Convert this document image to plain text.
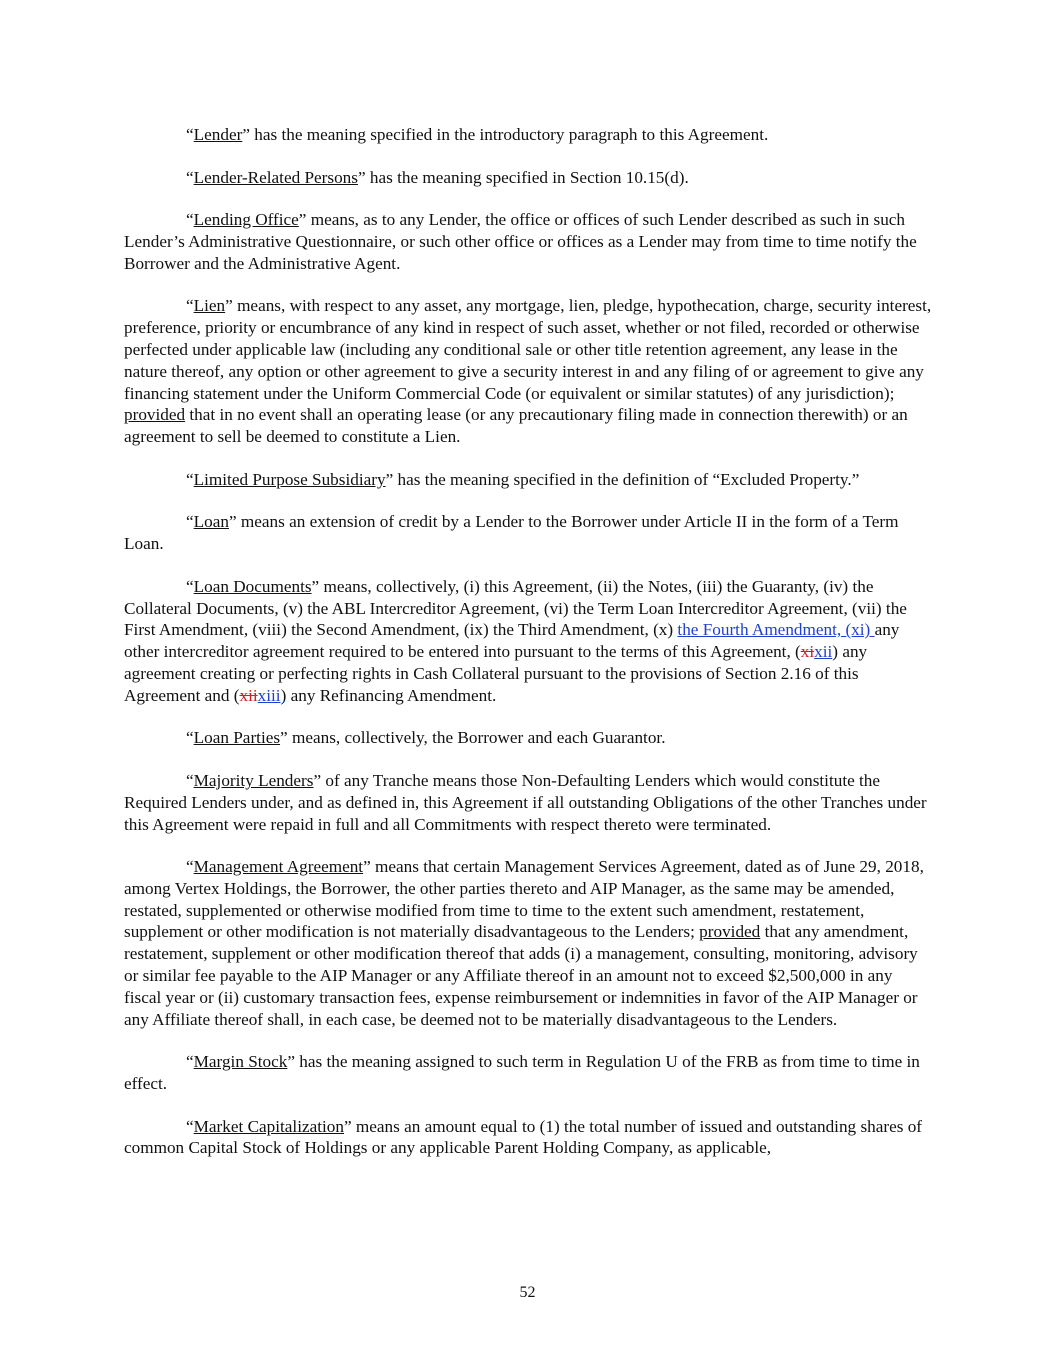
“Lender” has the meaning specified in the introductory paragraph to this Agreement.

“Lender-Related Persons” has the meaning specified in Section 10.15(d).

“Lending Office” means, as to any Lender, the office or offices of such Lender described as such in such Lender’s Administrative Questionnaire, or such other office or offices as a Lender may from time to time notify the Borrower and the Administrative Agent.

“Lien” means, with respect to any asset, any mortgage, lien, pledge, hypothecation, charge, security interest, preference, priority or encumbrance of any kind in respect of such asset, whether or not filed, recorded or otherwise perfected under applicable law (including any conditional sale or other title retention agreement, any lease in the nature thereof, any option or other agreement to give a security interest in and any filing of or agreement to give any financing statement under the Uniform Commercial Code (or equivalent or similar statutes) of any jurisdiction); provided that in no event shall an operating lease (or any precautionary filing made in connection therewith) or an agreement to sell be deemed to constitute a Lien.

“Limited Purpose Subsidiary” has the meaning specified in the definition of “Excluded Property.”

“Loan” means an extension of credit by a Lender to the Borrower under Article II in the form of a Term Loan.

“Loan Documents” means, collectively, (i) this Agreement, (ii) the Notes, (iii) the Guaranty, (iv) the Collateral Documents, (v) the ABL Intercreditor Agreement, (vi) the Term Loan Intercreditor Agreement, (vii) the First Amendment, (viii) the Second Amendment, (ix) the Third Amendment, (x) the Fourth Amendment, (xi) any other intercreditor agreement required to be entered into pursuant to the terms of this Agreement, (xixii) any agreement creating or perfecting rights in Cash Collateral pursuant to the provisions of Section 2.16 of this Agreement and (xiixiii) any Refinancing Amendment.

“Loan Parties” means, collectively, the Borrower and each Guarantor.

“Majority Lenders” of any Tranche means those Non-Defaulting Lenders which would constitute the Required Lenders under, and as defined in, this Agreement if all outstanding Obligations of the other Tranches under this Agreement were repaid in full and all Commitments with respect thereto were terminated.

“Management Agreement” means that certain Management Services Agreement, dated as of June 29, 2018, among Vertex Holdings, the Borrower, the other parties thereto and AIP Manager, as the same may be amended, restated, supplemented or otherwise modified from time to time to the extent such amendment, restatement, supplement or other modification is not materially disadvantageous to the Lenders; provided that any amendment, restatement, supplement or other modification thereof that adds (i) a management, consulting, monitoring, advisory or similar fee payable to the AIP Manager or any Affiliate thereof in an amount not to exceed $2,500,000 in any fiscal year or (ii) customary transaction fees, expense reimbursement or indemnities in favor of the AIP Manager or any Affiliate thereof shall, in each case, be deemed not to be materially disadvantageous to the Lenders.

“Margin Stock” has the meaning assigned to such term in Regulation U of the FRB as from time to time in effect.

“Market Capitalization” means an amount equal to (1) the total number of issued and outstanding shares of common Capital Stock of Holdings or any applicable Parent Holding Company, as applicable,

52
